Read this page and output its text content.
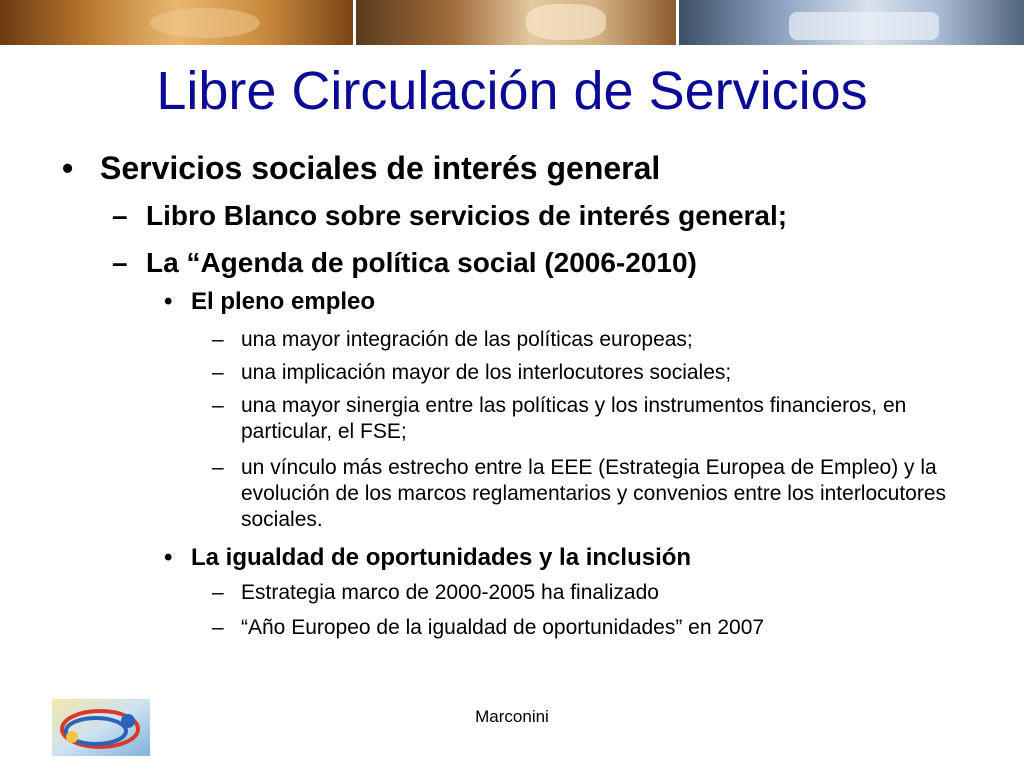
Libre Circulación de Servicios
• Servicios sociales de interés general
– Libro Blanco sobre servicios de interés general;
– La “Agenda de política social (2006-2010)
• El pleno empleo
– una mayor integración de las políticas europeas;
– una implicación mayor de los interlocutores sociales;
– una mayor sinergia entre las políticas y los instrumentos financieros, en particular, el FSE;
– un vínculo más estrecho entre la EEE (Estrategia Europea de Empleo) y la evolución de los marcos reglamentarios y convenios entre los interlocutores sociales.
• La igualdad de oportunidades y la inclusión
– Estrategia marco de 2000-2005 ha finalizado
– “Año Europeo de la igualdad de oportunidades” en 2007
Marconini
